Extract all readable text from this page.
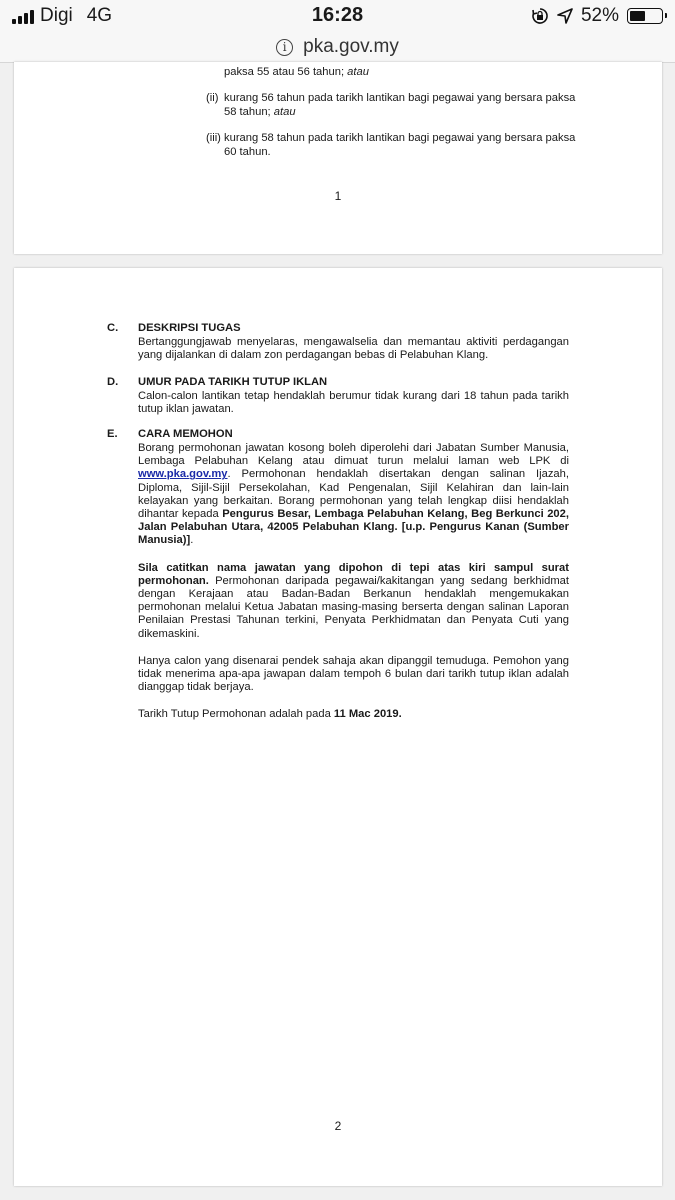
Digi 4G	16:28	52%
i pka.gov.my
paksa 55 atau 56 tahun; atau
(ii) kurang 56 tahun pada tarikh lantikan bagi pegawai yang bersara paksa
58 tahun; atau
(iii) kurang 58 tahun pada tarikh lantikan bagi pegawai yang bersara paksa
60 tahun.
1
C. DESKRIPSI TUGAS
Bertanggungjawab menyelaras, mengawalselia dan memantau aktiviti perdagangan yang dijalankan di dalam zon perdagangan bebas di Pelabuhan Klang.
D. UMUR PADA TARIKH TUTUP IKLAN
Calon-calon lantikan tetap hendaklah berumur tidak kurang dari 18 tahun pada tarikh tutup iklan jawatan.
E. CARA MEMOHON

Borang permohonan jawatan kosong boleh diperolehi dari Jabatan Sumber Manusia, Lembaga Pelabuhan Kelang atau dimuat turun melalui laman web LPK di www.pka.gov.my. Permohonan hendaklah disertakan dengan salinan Ijazah, Diploma, Sijil-Sijil Persekolahan, Kad Pengenalan, Sijil Kelahiran dan lain-lain kelayakan yang berkaitan. Borang permohonan yang telah lengkap diisi hendaklah dihantar kepada Pengurus Besar, Lembaga Pelabuhan Kelang, Beg Berkunci 202, Jalan Pelabuhan Utara, 42005 Pelabuhan Klang. [u.p. Pengurus Kanan (Sumber Manusia)].

Sila catitkan nama jawatan yang dipohon di tepi atas kiri sampul surat permohonan. Permohonan daripada pegawai/kakitangan yang sedang berkhidmat dengan Kerajaan atau Badan-Badan Berkanun hendaklah mengemukakan permohonan melalui Ketua Jabatan masing-masing berserta dengan salinan Laporan Penilaian Prestasi Tahunan terkini, Penyata Perkhidmatan dan Penyata Cuti yang dikemaskini.

Hanya calon yang disenarai pendek sahaja akan dipanggil temuduga. Pemohon yang tidak menerima apa-apa jawapan dalam tempoh 6 bulan dari tarikh tutup iklan adalah dianggap tidak berjaya.

Tarikh Tutup Permohonan adalah pada 11 Mac 2019.

2
